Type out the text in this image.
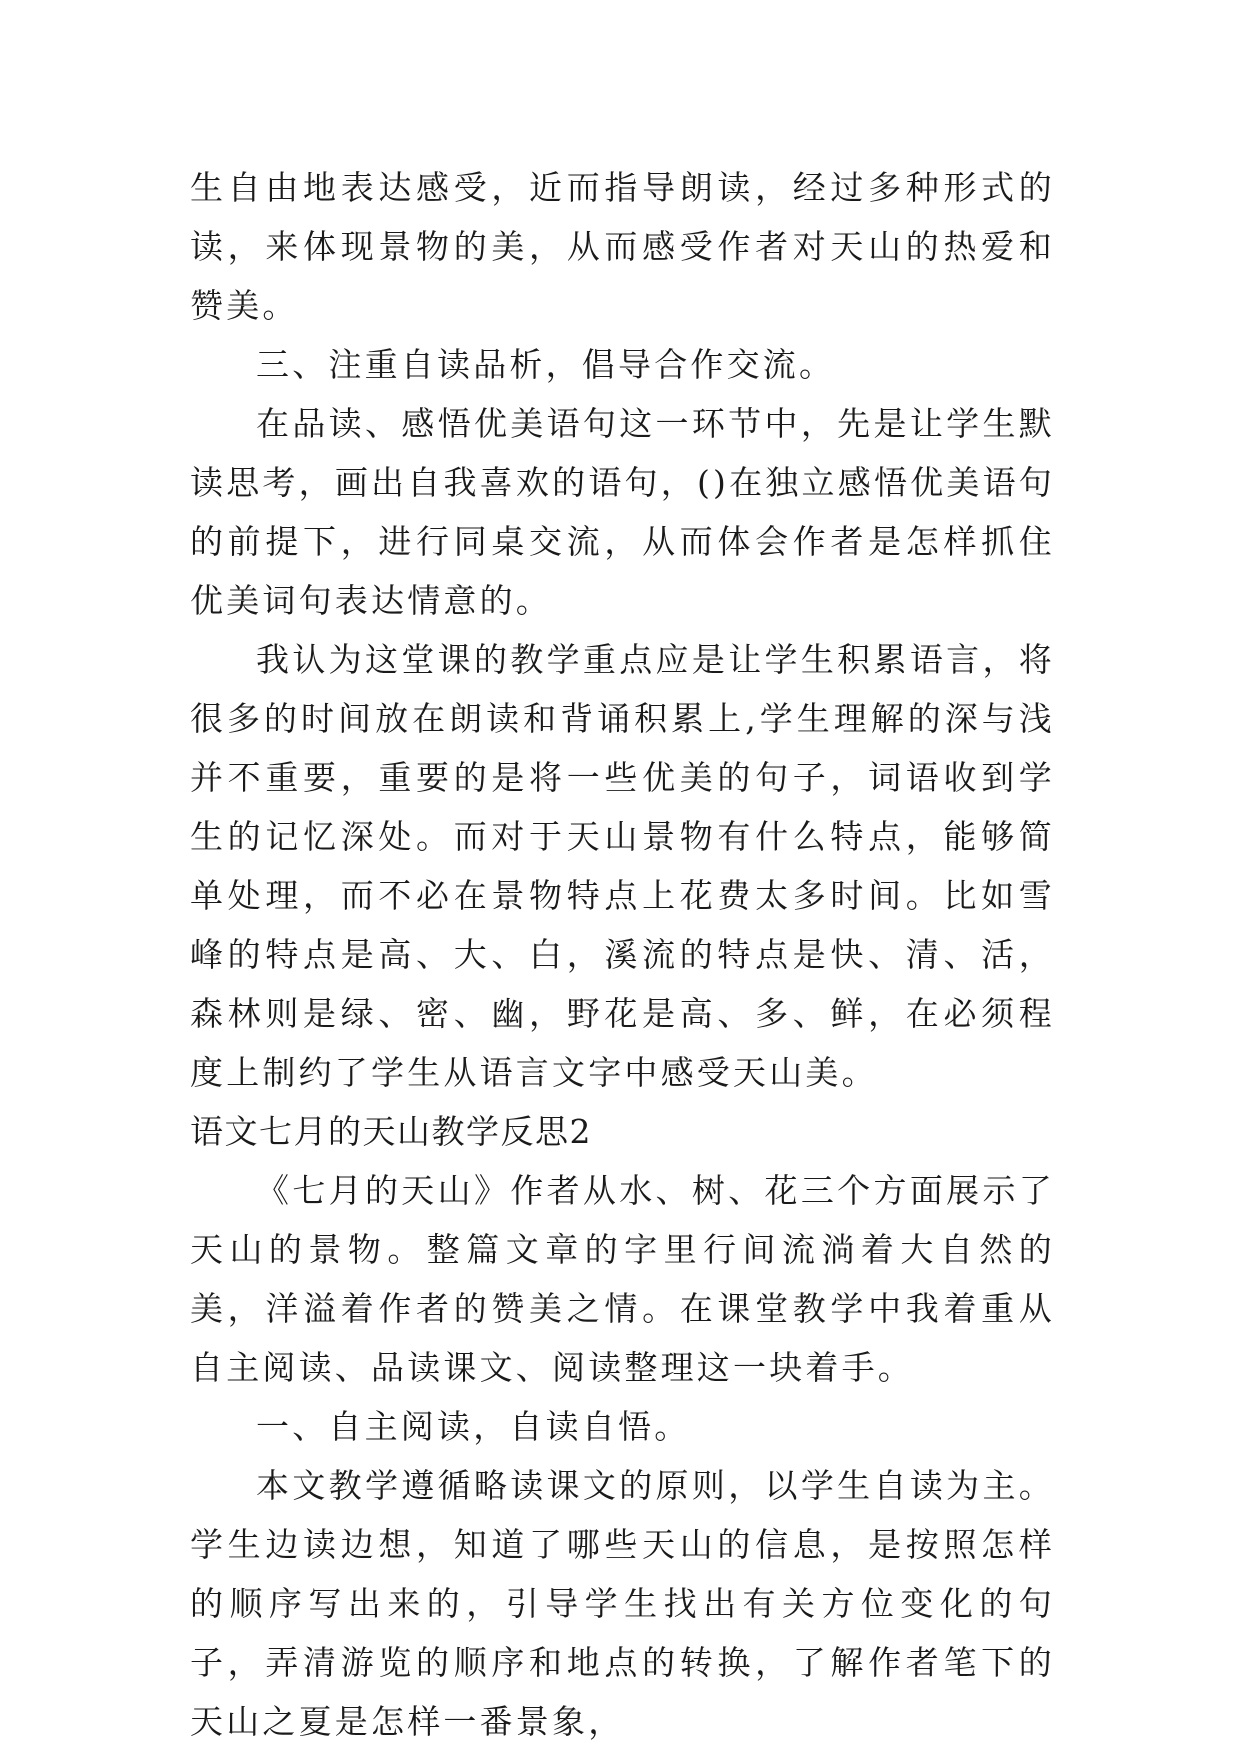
生自由地表达感受，近而指导朗读，经过多种形式的读，来体现景物的美，从而感受作者对天山的热爱和赞美。

三、注重自读品析，倡导合作交流。

在品读、感悟优美语句这一环节中，先是让学生默读思考，画出自我喜欢的语句，()在独立感悟优美语句的前提下，进行同桌交流，从而体会作者是怎样抓住优美词句表达情意的。

我认为这堂课的教学重点应是让学生积累语言，将很多的时间放在朗读和背诵积累上,学生理解的深与浅并不重要，重要的是将一些优美的句子，词语收到学生的记忆深处。而对于天山景物有什么特点，能够简单处理，而不必在景物特点上花费太多时间。比如雪峰的特点是高、大、白，溪流的特点是快、清、活，森林则是绿、密、幽，野花是高、多、鲜，在必须程度上制约了学生从语言文字中感受天山美。

语文七月的天山教学反思2

《七月的天山》作者从水、树、花三个方面展示了天山的景物。整篇文章的字里行间流淌着大自然的美，洋溢着作者的赞美之情。在课堂教学中我着重从自主阅读、品读课文、阅读整理这一块着手。

一、自主阅读，自读自悟。

本文教学遵循略读课文的原则，以学生自读为主。学生边读边想，知道了哪些天山的信息，是按照怎样的顺序写出来的，引导学生找出有关方位变化的句子，弄清游览的顺序和地点的转换，了解作者笔下的天山之夏是怎样一番景象，
